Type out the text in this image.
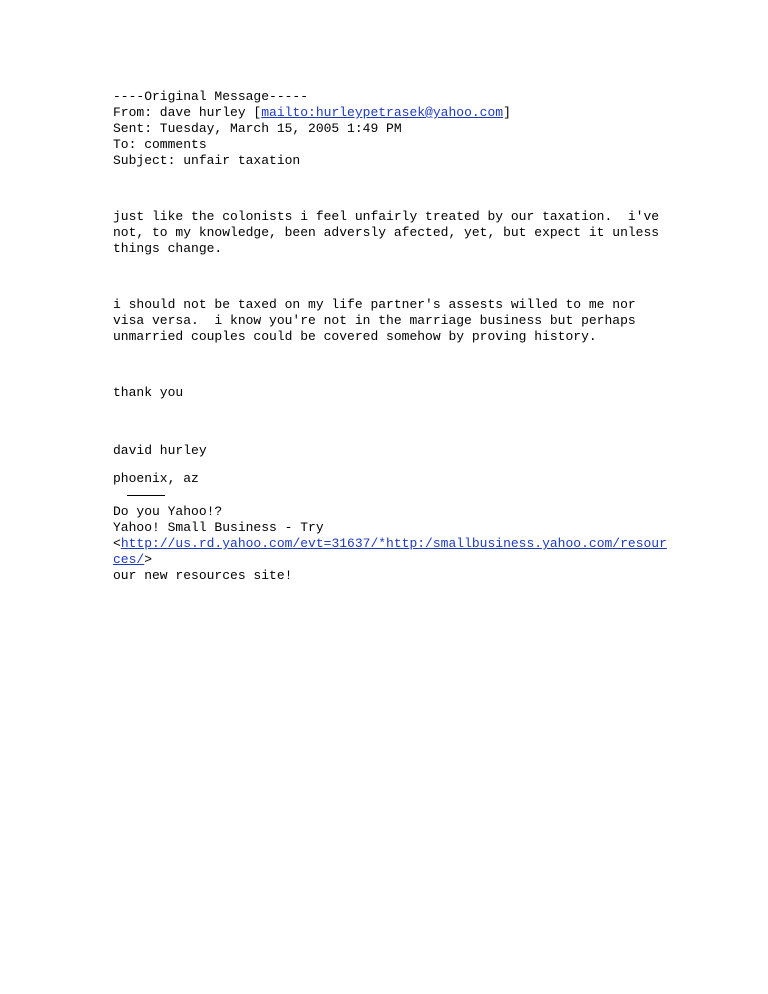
----Original Message-----
From: dave hurley [mailto:hurleypetrasek@yahoo.com]
Sent: Tuesday, March 15, 2005 1:49 PM
To: comments
Subject: unfair taxation
just like the colonists i feel unfairly treated by our taxation.  i've
not, to my knowledge, been adversly afected, yet, but expect it unless
things change.
i should not be taxed on my life partner's assests willed to me nor
visa versa.  i know you're not in the marriage business but perhaps
unmarried couples could be covered somehow by proving history.
thank you
david hurley
phoenix, az
Do you Yahoo!?
Yahoo! Small Business - Try
<http://us.rd.yahoo.com/evt=31637/*http:/smallbusiness.yahoo.com/resources/>
our new resources site!
